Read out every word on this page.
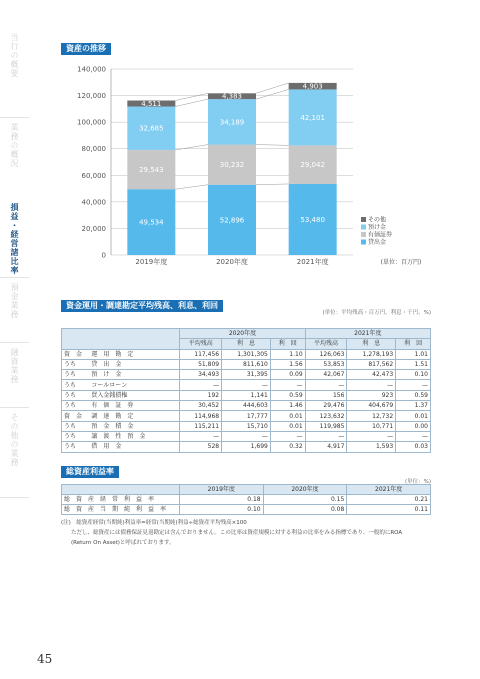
当行の概要
業務の概況
損益・経営諸比率
預金業務
融資業務
その他の業務
資産の推移
0
20,000
40,000
60,000
80,000
100,000
120,000
140,000
49,534
29,543
32,685
4,511
2019年度
52,896
30,232
34,189
4,383
2020年度
53,480
29,042
42,101
4,903
2021年度
その他
預け金
有価証券
貸出金
(単位：百万円)
資金運用・調達勘定平均残高、利息、利回
(単位：平均残高・百万円、利息・千円、%)
		2020年度			2021年度		
		平均残高	利　息	利　回	平均残高	利　息	利　回
資　金	運　用　勘　定	117,456	1,301,305	1.10	126,063	1,278,193	1.01
うち	貸　出　金	51,809	811,610	1.56	53,853	817,562	1.51
うち	預　け　金	34,493	31,395	0.09	42,067	42,473	0.10
うち	コールローン	—	—	—	—	—	—
うち	買入金銭債権	192	1,141	0.59	156	923	0.59
うち	有　価　証　券	30,452	444,603	1.46	29,476	404,679	1.37
資　金	調　達　勘　定	114,968	17,777	0.01	123,632	12,732	0.01
うち	預　金　積　金	115,211	15,710	0.01	119,985	10,771	0.00
うち	譲　渡　性　預　金	—	—	—	—	—	—
うち	借　用　金	528	1,699	0.32	4,917	1,593	0.03
総資産利益率
(単位：%)
	2019年度	2020年度	2021年度
総　資　産　経　常　利　益　率	0.18	0.15	0.21
総　資　産　当　期　純　利　益　率	0.10	0.08	0.11
(注)　総資産経常(当期純)利益率=経常(当期純)利益÷総資産平均残高×100
ただし、総資産には債務保証見返勘定は含んでおりません。この比率は資産規模に対する利益の比率をみる指標であり、一般的にROA
(Return On Asset)と呼ばれております。
45
